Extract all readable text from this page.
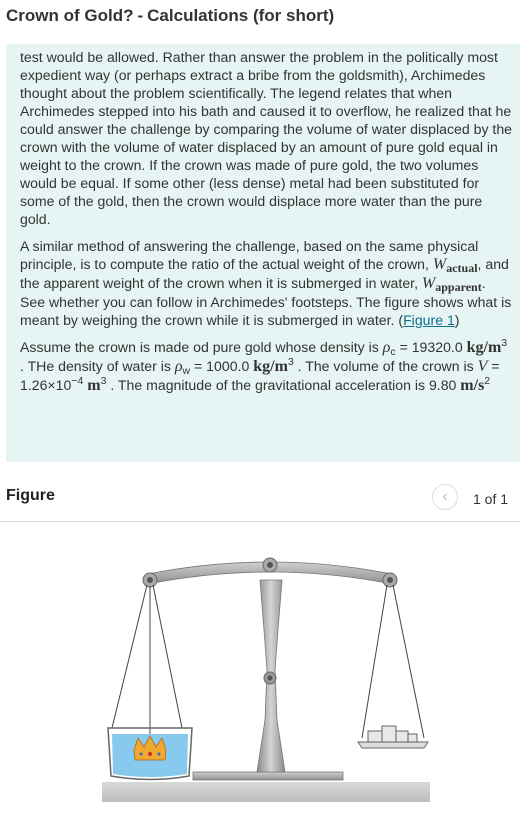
Crown of Gold? - Calculations (for short)

test would be allowed. Rather than answer the problem in the politically most expedient way (or perhaps extract a bribe from the goldsmith), Archimedes thought about the problem scientifically. The legend relates that when Archimedes stepped into his bath and caused it to overflow, he realized that he could answer the challenge by comparing the volume of water displaced by the crown with the volume of water displaced by an amount of pure gold equal in weight to the crown. If the crown was made of pure gold, the two volumes would be equal. If some other (less dense) metal had been substituted for some of the gold, then the crown would displace more water than the pure gold.

A similar method of answering the challenge, based on the same physical principle, is to compute the ratio of the actual weight of the crown, $W_{actual}$, and the apparent weight of the crown when it is submerged in water, $W_{apparent}$. See whether you can follow in Archimedes' footsteps. The figure shows what is meant by weighing the crown while it is submerged in water. (Figure 1)

Assume the crown is made od pure gold whose density is $\rho_c = 19320.0$ $kg/m^3$ . THe density of water is $\rho_w = 1000.0$ $kg/m^3$ . The volume of the crown is $V = 1.26\times 10^{-4}$ $m^3$ . The magnitude of the gravitational acceleration is 9.80 $m/s^2$

Figure	‹	1 of 1
